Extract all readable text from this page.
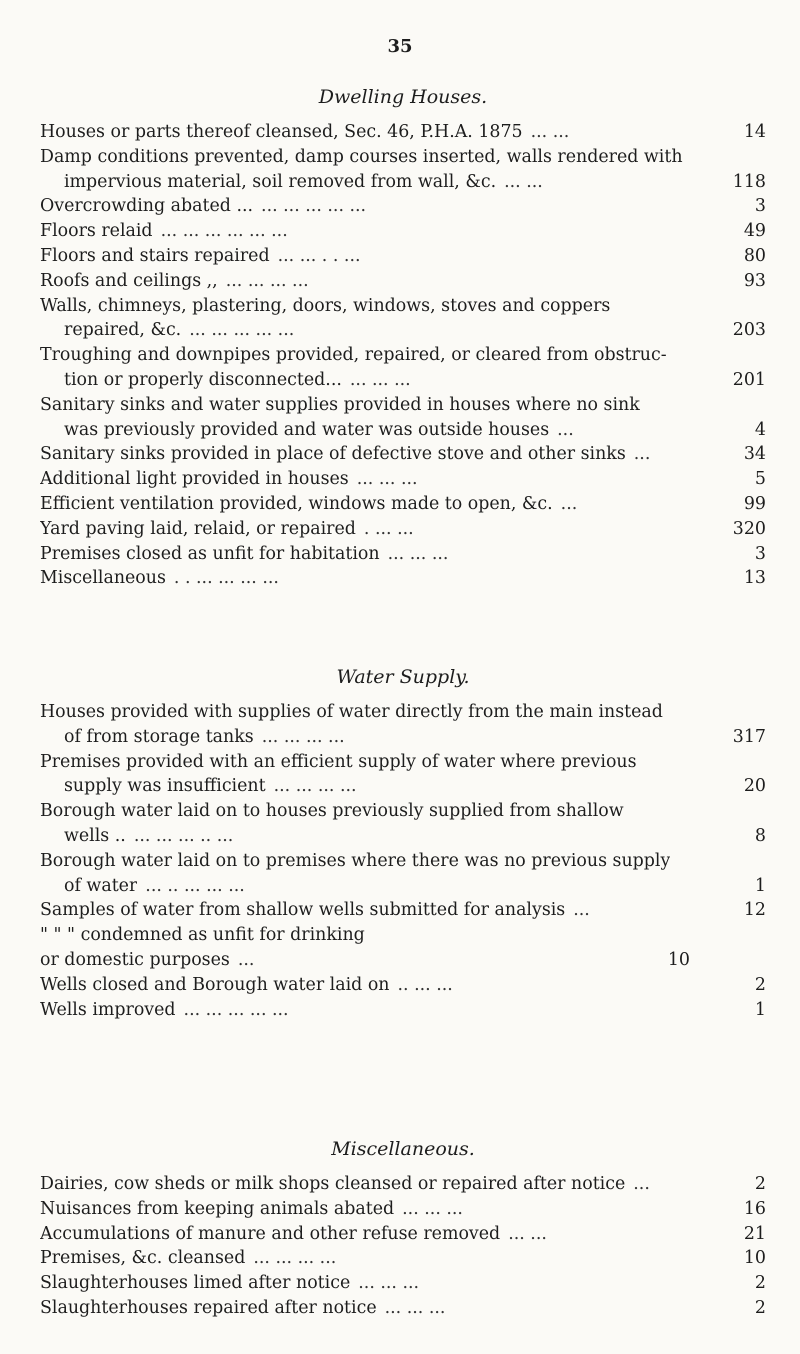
35
Dwelling Houses.
Houses or parts thereof cleansed, Sec. 46, P.H.A. 1875 ... ...	14
Damp conditions prevented, damp courses inserted, walls rendered with
impervious material, soil removed from wall, &c. ... ...	118
Overcrowding abated ... ... ... ... ... ...	3
Floors relaid ... ... ... ... ... ...	49
Floors and stairs repaired ... ... . . ...	80
Roofs and ceilings ,, ... ... ... ...	93
Walls, chimneys, plastering, doors, windows, stoves and coppers
repaired, &c. ... ... ... ... ...	203
Troughing and downpipes provided, repaired, or cleared from obstruc-
tion or properly disconnected... ... ... ...	201
Sanitary sinks and water supplies provided in houses where no sink
was previously provided and water was outside houses ...	4
Sanitary sinks provided in place of defective stove and other sinks ...	34
Additional light provided in houses ... ... ...	5
Efficient ventilation provided, windows made to open, &c. ...	99
Yard paving laid, relaid, or repaired . ... ...	320
Premises closed as unfit for habitation ... ... ...	3
Miscellaneous . . ... ... ... ...	13
Water Supply.
Houses provided with supplies of water directly from the main instead
of from storage tanks ... ... ... ...	317
Premises provided with an efficient supply of water where previous
supply was insufficient ... ... ... ...	20
Borough water laid on to houses previously supplied from shallow
wells .. ... ... ... .. ...	8
Borough water laid on to premises where there was no previous supply
of water ... .. ... ... ...	1
Samples of water from shallow wells submitted for analysis ...	12
" " " condemned as unfit for drinking
or domestic purposes ...	10
Wells closed and Borough water laid on .. ... ...	2
Wells improved ... ... ... ... ...	1
Miscellaneous.
Dairies, cow sheds or milk shops cleansed or repaired after notice ...	2
Nuisances from keeping animals abated ... ... ...	16
Accumulations of manure and other refuse removed ... ...	21
Premises, &c. cleansed ... ... ... ...	10
Slaughterhouses limed after notice ... ... ...	2
Slaughterhouses repaired after notice ... ... ...	2
